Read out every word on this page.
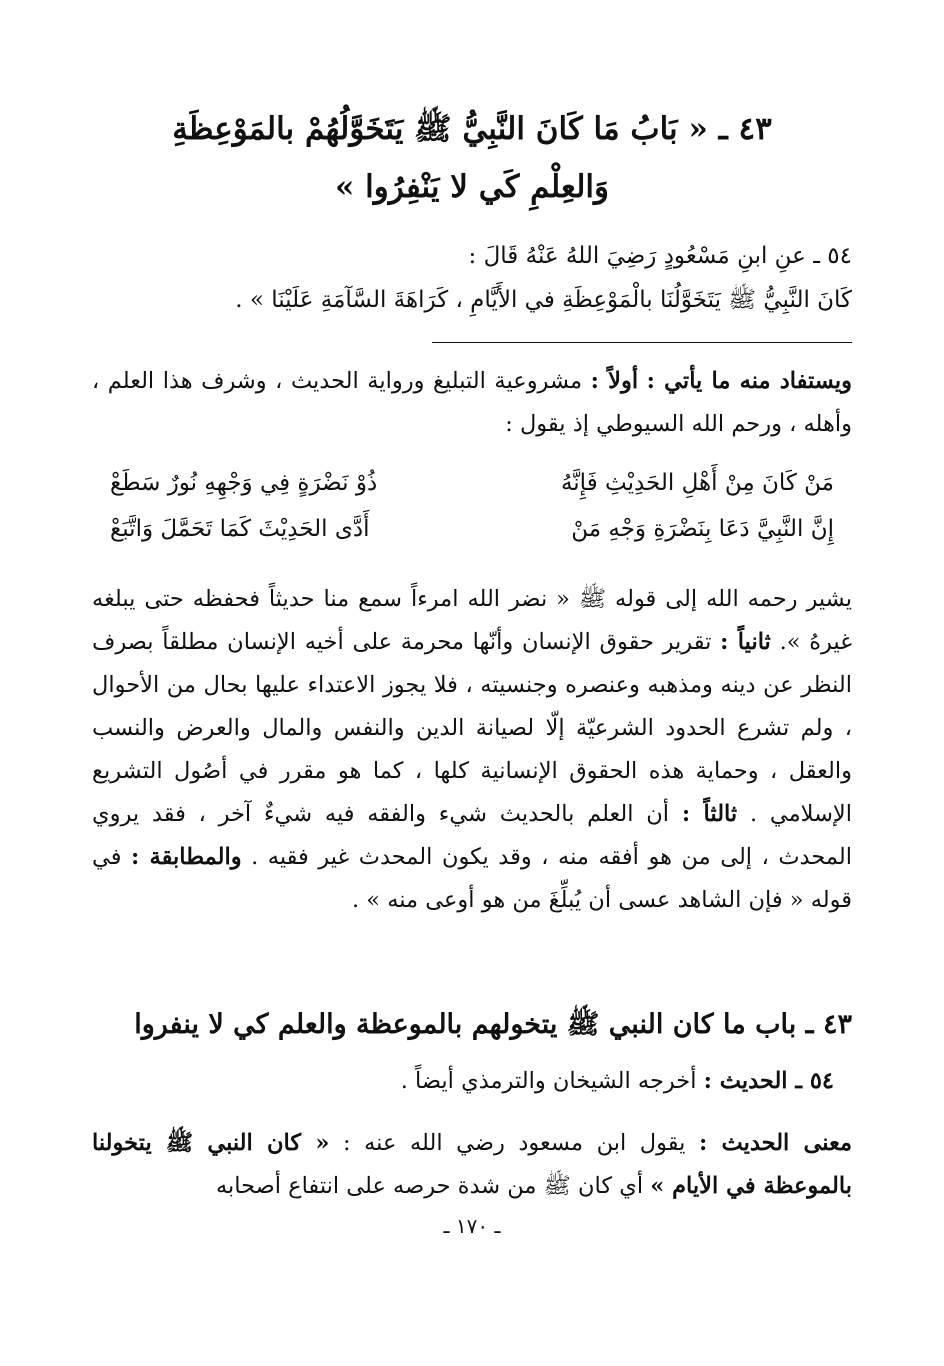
٤٣ ـ « بَابُ مَا كَانَ النَّبِيُّ ﷺ يَتَخَوَّلُهُمْ بالمَوْعِظَةِ
وَالعِلْمِ كَي لا يَنْفِرُوا »
٥٤ ـ عنِ ابنِ مَسْعُودٍ رَضِيَ اللهُ عَنْهُ قَالَ :
كَانَ النَّبِيُّ ﷺ يَتَخَوَّلُنَا بالْمَوْعِظَةِ في الأَيَّامِ ، كَرَاهَةَ السَّآمَةِ عَلَيْنَا » .
ويستفاد منه ما يأتي : أولاً : مشروعية التبليغ ورواية الحديث ، وشرف هذا العلم ، وأهله ، ورحم الله السيوطي إذ يقول :
مَنْ كَانَ مِنْ أَهْلِ الحَدِيْثِ فَإِنَّهُ
ذُوْ نَضْرَةٍ فِي وَجْهِهِ نُورٌ سَطَعْ
إِنَّ النَّبِيَّ دَعَا بِنَضْرَةِ وَجْهِ مَنْ
أَدَّى الحَدِيْثَ كَمَا تَحَمَّلَ وَاتَّبَعْ
يشير رحمه الله إلى قوله ﷺ « نضر الله امرءاً سمع منا حديثاً فحفظه حتى يبلغه غيرهُ ». ثانياً : تقرير حقوق الإنسان وأنّها محرمة على أخيه الإنسان مطلقاً بصرف النظر عن دينه ومذهبه وعنصره وجنسيته ، فلا يجوز الاعتداء عليها بحال من الأحوال ، ولم تشرع الحدود الشرعيّة إلّا لصيانة الدين والنفس والمال والعرض والنسب والعقل ، وحماية هذه الحقوق الإنسانية كلها ، كما هو مقرر في أصُول التشريع الإسلامي . ثالثاً : أن العلم بالحديث شيء والفقه فيه شيءٌ آخر ، فقد يروي المحدث ، إلى من هو أفقه منه ، وقد يكون المحدث غير فقيه . والمطابقة : في قوله « فإن الشاهد عسى أن يُبلِّغَ من هو أوعى منه » .
٤٣ ـ باب ما كان النبي ﷺ يتخولهم بالموعظة والعلم كي لا ينفروا
٥٤ ـ الحديث : أخرجه الشيخان والترمذي أيضاً .
معنى الحديث : يقول ابن مسعود رضي الله عنه : « كان النبي ﷺ يتخولنا بالموعظة في الأيام » أي كان ﷺ من شدة حرصه على انتفاع أصحابه
ـ ١٧٠ ـ
